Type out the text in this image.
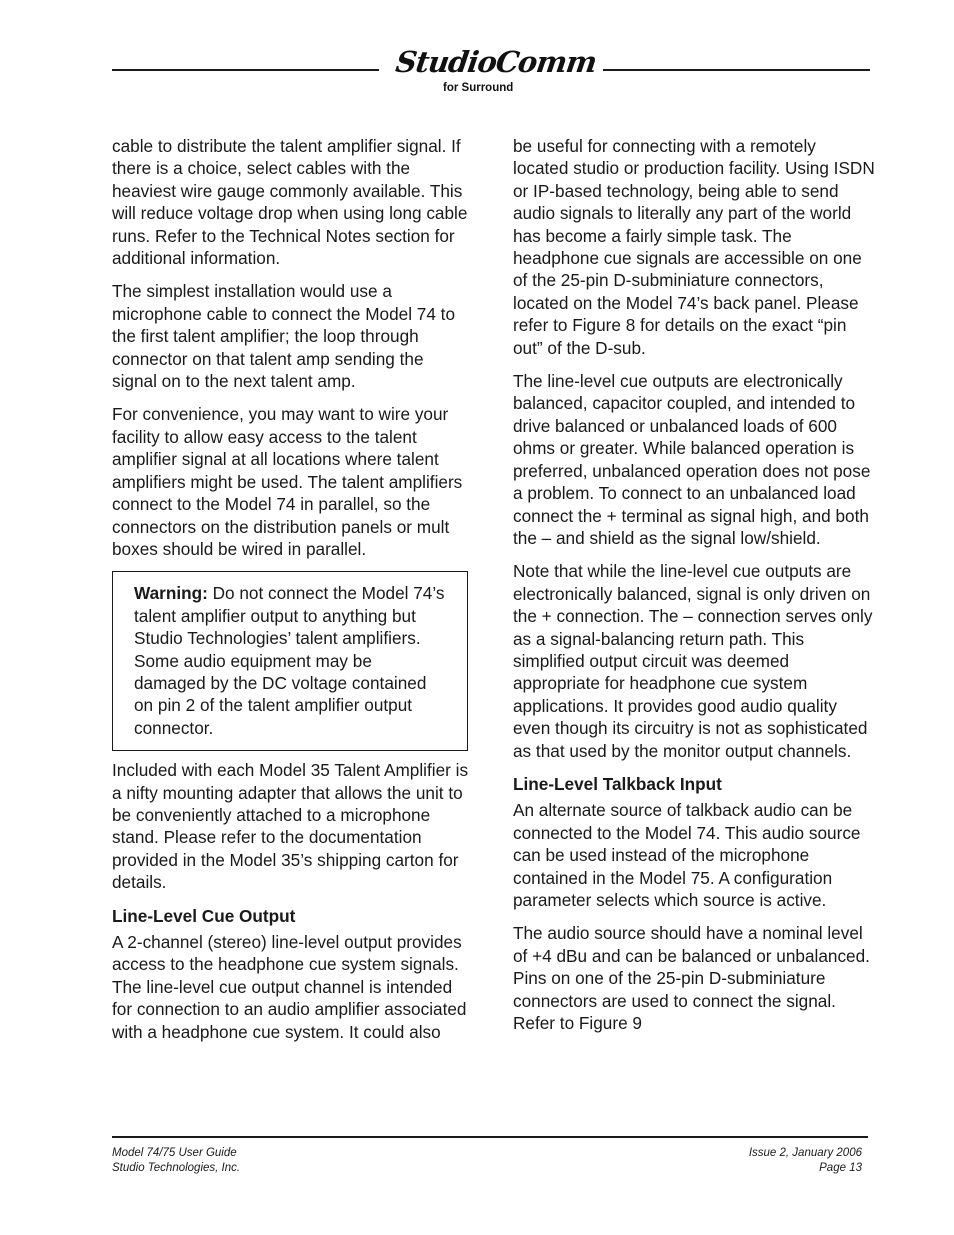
StudioComm
for Surround

cable to distribute the talent amplifier signal. If there is a choice, select cables with the heaviest wire gauge commonly available. This will reduce voltage drop when using long cable runs. Refer to the Technical Notes section for additional information.

The simplest installation would use a microphone cable to connect the Model 74 to the first talent amplifier; the loop through connector on that talent amp sending the signal on to the next talent amp.

For convenience, you may want to wire your facility to allow easy access to the talent amplifier signal at all locations where talent amplifiers might be used. The talent amplifiers connect to the Model 74 in parallel, so the connectors on the distribution panels or mult boxes should be wired in parallel.

Warning: Do not connect the Model 74’s talent amplifier output to anything but Studio Technologies’ talent amplifiers. Some audio equipment may be damaged by the DC voltage contained on pin 2 of the talent amplifier output connector.

Included with each Model 35 Talent Amplifier is a nifty mounting adapter that allows the unit to be conveniently attached to a microphone stand. Please refer to the documentation provided in the Model 35’s shipping carton for details.

Line-Level Cue Output

A 2-channel (stereo) line-level output provides access to the headphone cue system signals. The line-level cue output channel is intended for connection to an audio amplifier associated with a headphone cue system. It could also

be useful for connecting with a remotely located studio or production facility. Using ISDN or IP-based technology, being able to send audio signals to literally any part of the world has become a fairly simple task. The headphone cue signals are accessible on one of the 25-pin D-subminiature connectors, located on the Model 74’s back panel. Please refer to Figure 8 for details on the exact “pin out” of the D-sub.

The line-level cue outputs are electronically balanced, capacitor coupled, and intended to drive balanced or unbalanced loads of 600 ohms or greater. While balanced operation is preferred, unbalanced operation does not pose a problem. To connect to an unbalanced load connect the + terminal as signal high, and both the – and shield as the signal low/shield.

Note that while the line-level cue outputs are electronically balanced, signal is only driven on the + connection. The – connection serves only as a signal-balancing return path. This simplified output circuit was deemed appropriate for headphone cue system applications. It provides good audio quality even though its circuitry is not as sophisticated as that used by the monitor output channels.

Line-Level Talkback Input

An alternate source of talkback audio can be connected to the Model 74. This audio source can be used instead of the microphone contained in the Model 75. A configuration parameter selects which source is active.

The audio source should have a nominal level of +4 dBu and can be balanced or unbalanced. Pins on one of the 25-pin D-subminiature connectors are used to connect the signal. Refer to Figure 9

Model 74/75 User Guide
Studio Technologies, Inc.
Issue 2, January 2006
Page 13
